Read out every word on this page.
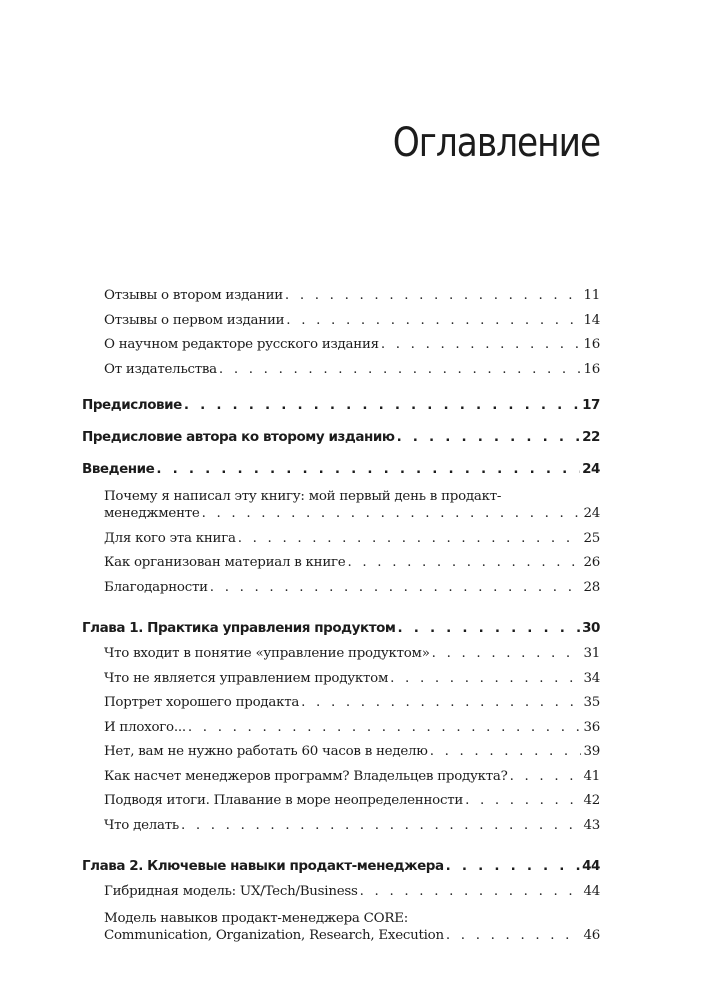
Оглавление
Отзывы о втором издании . . .	11
Отзывы о первом издании . . .	14
О научном редакторе русского издания . . .	16
От издательства . . .	16
Предисловие . . .	17
Предисловие автора ко второму изданию . . .	22
Введение . . .	24
Почему я написал эту книгу: мой первый день в продакт-
менеджменте . . .	24
Для кого эта книга . . .	25
Как организован материал в книге . . .	26
Благодарности . . .	28
Глава 1. Практика управления продуктом . . .	30
Что входит в понятие «управление продуктом» . . .	31
Что не является управлением продуктом . . .	34
Портрет хорошего продакта . . .	35
И плохого... . . .	36
Нет, вам не нужно работать 60 часов в неделю . . .	39
Как насчет менеджеров программ? Владельцев продукта? . . .	41
Подводя итоги. Плавание в море неопределенности . . .	42
Что делать . . .	43
Глава 2. Ключевые навыки продакт-менеджера . . .	44
Гибридная модель: UX/Tech/Business . . .	44
Модель навыков продакт-менеджера CORE:
Communication, Organization, Research, Execution . . .	46
